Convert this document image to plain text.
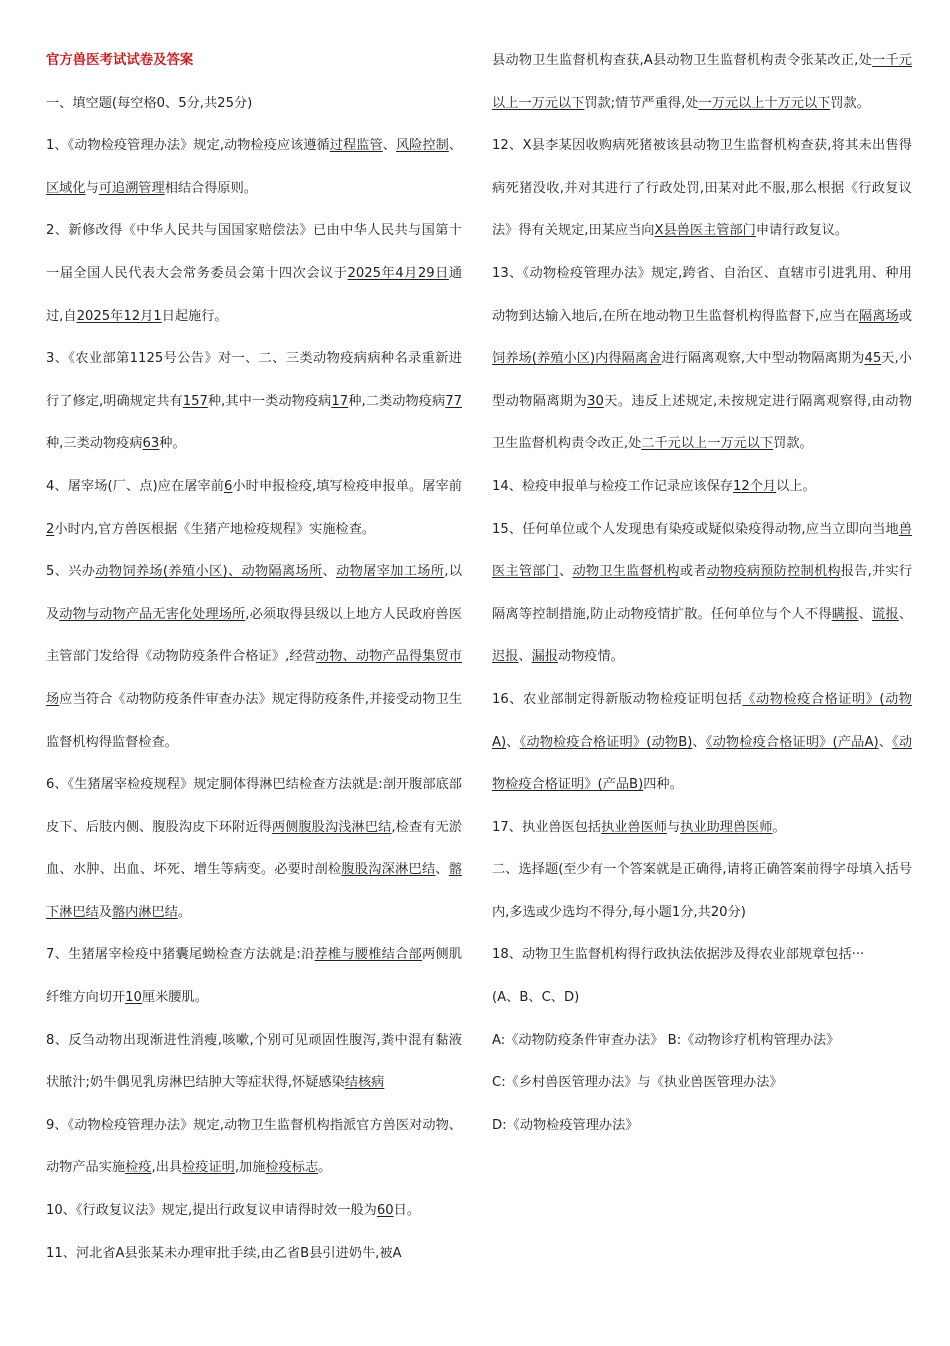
官方兽医考试试卷及答案

一、填空题(每空格0、5分,共25分)

1、《动物检疫管理办法》规定,动物检疫应该遵循过程监管、风险控制、区域化与可追溯管理相结合得原则。

2、新修改得《中华人民共与国国家赔偿法》已由中华人民共与国第十一届全国人民代表大会常务委员会第十四次会议于2025年4月29日通过,自2025年12月1日起施行。

3、《农业部第1125号公告》对一、二、三类动物疫病病种名录重新进行了修定,明确规定共有157种,其中一类动物疫病17种,二类动物疫病77种,三类动物疫病63种。

4、屠宰场(厂、点)应在屠宰前6小时申报检疫,填写检疫申报单。屠宰前2小时内,官方兽医根据《生猪产地检疫规程》实施检查。

5、兴办动物饲养场(养殖小区)、动物隔离场所、动物屠宰加工场所,以及动物与动物产品无害化处理场所,必须取得县级以上地方人民政府兽医主管部门发给得《动物防疫条件合格证》,经营动物、动物产品得集贸市场应当符合《动物防疫条件审查办法》规定得防疫条件,并接受动物卫生监督机构得监督检查。

6、《生猪屠宰检疫规程》规定胴体得淋巴结检查方法就是:剖开腹部底部皮下、后肢内侧、腹股沟皮下环附近得两侧腹股沟浅淋巴结,检查有无淤血、水肿、出血、坏死、增生等病变。必要时剖检腹股沟深淋巴结、髂下淋巴结及髂内淋巴结。

7、生猪屠宰检疫中猪囊尾蚴检查方法就是:沿荐椎与腰椎结合部两侧肌纤维方向切开10厘米腰肌。

8、反刍动物出现渐进性消瘦,咳嗽,个别可见顽固性腹泻,粪中混有黏液状脓汁;奶牛偶见乳房淋巴结肿大等症状得,怀疑感染结核病

9、《动物检疫管理办法》规定,动物卫生监督机构指派官方兽医对动物、动物产品实施检疫,出具检疫证明,加施检疫标志。

10、《行政复议法》规定,提出行政复议申请得时效一般为60日。

11、河北省A县张某未办理审批手续,由乙省B县引进奶牛,被A

县动物卫生监督机构查获,A县动物卫生监督机构责令张某改正,处一千元以上一万元以下罚款;情节严重得,处一万元以上十万元以下罚款。

12、X县李某因收购病死猪被该县动物卫生监督机构查获,将其未出售得病死猪没收,并对其进行了行政处罚,田某对此不服,那么根据《行政复议法》得有关规定,田某应当向X县兽医主管部门申请行政复议。

13、《动物检疫管理办法》规定,跨省、自治区、直辖市引进乳用、种用动物到达输入地后,在所在地动物卫生监督机构得监督下,应当在隔离场或饲养场(养殖小区)内得隔离舍进行隔离观察,大中型动物隔离期为45天,小型动物隔离期为30天。违反上述规定,未按规定进行隔离观察得,由动物卫生监督机构责令改正,处二千元以上一万元以下罚款。

14、检疫申报单与检疫工作记录应该保存12个月以上。

15、任何单位或个人发现患有染疫或疑似染疫得动物,应当立即向当地兽医主管部门、动物卫生监督机构或者动物疫病预防控制机构报告,并实行隔离等控制措施,防止动物疫情扩散。任何单位与个人不得瞒报、谎报、迟报、漏报动物疫情。

16、农业部制定得新版动物检疫证明包括《动物检疫合格证明》(动物A)、《动物检疫合格证明》(动物B)、《动物检疫合格证明》(产品A)、《动物检疫合格证明》(产品B)四种。

17、执业兽医包括执业兽医师与执业助理兽医师。

二、选择题(至少有一个答案就是正确得,请将正确答案前得字母填入括号内,多选或少选均不得分,每小题1分,共20分)

18、动物卫生监督机构得行政执法依据涉及得农业部规章包括···

(A、B、C、D)

A:《动物防疫条件审查办法》 B:《动物诊疗机构管理办法》

C:《乡村兽医管理办法》与《执业兽医管理办法》

D:《动物检疫管理办法》
